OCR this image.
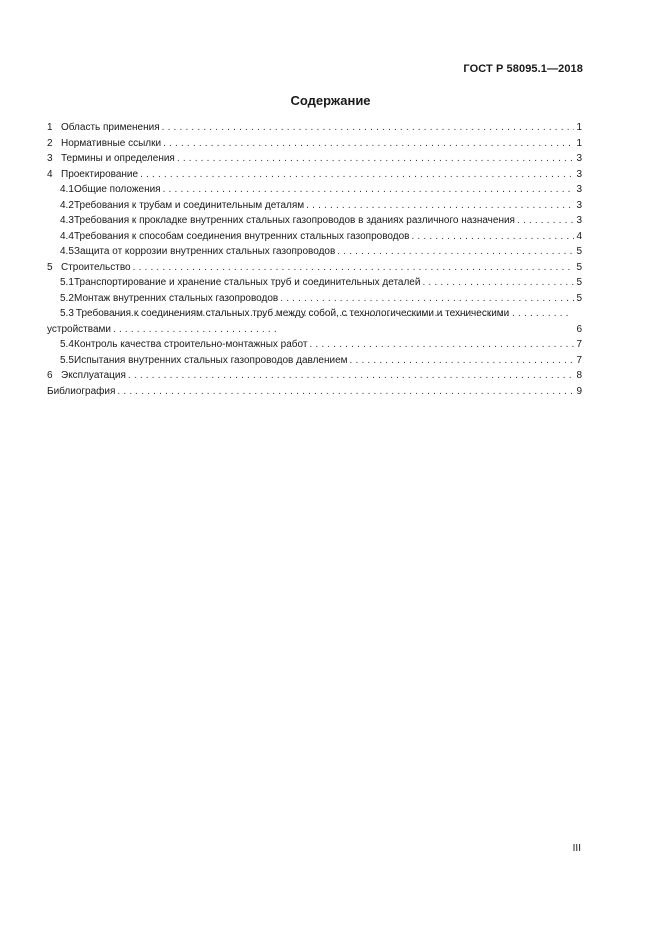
ГОСТ Р 58095.1—2018
Содержание
1 Область применения . . .	1
2 Нормативные ссылки . . .	1
3 Термины и определения . . .	3
4 Проектирование . . .	3
4.1 Общие положения . . .	3
4.2 Требования к трубам и соединительным деталям . . .	3
4.3 Требования к прокладке внутренних стальных газопроводов в зданиях различного назначения . . .	3
4.4 Требования к способам соединения внутренних стальных газопроводов . . .	4
4.5 Защита от коррозии внутренних стальных газопроводов . . .	5
5 Строительство . . .	5
5.1 Транспортирование и хранение стальных труб и соединительных деталей . . .	5
5.2 Монтаж внутренних стальных газопроводов . . .	5
5.3 Требования к соединениям стальных труб между собой, с технологическими и техническими
устройствами . . .	6
5.4 Контроль качества строительно-монтажных работ . . .	7
5.5 Испытания внутренних стальных газопроводов давлением . . .	7
6 Эксплуатация . . .	8
Библиография . . .	9
III
